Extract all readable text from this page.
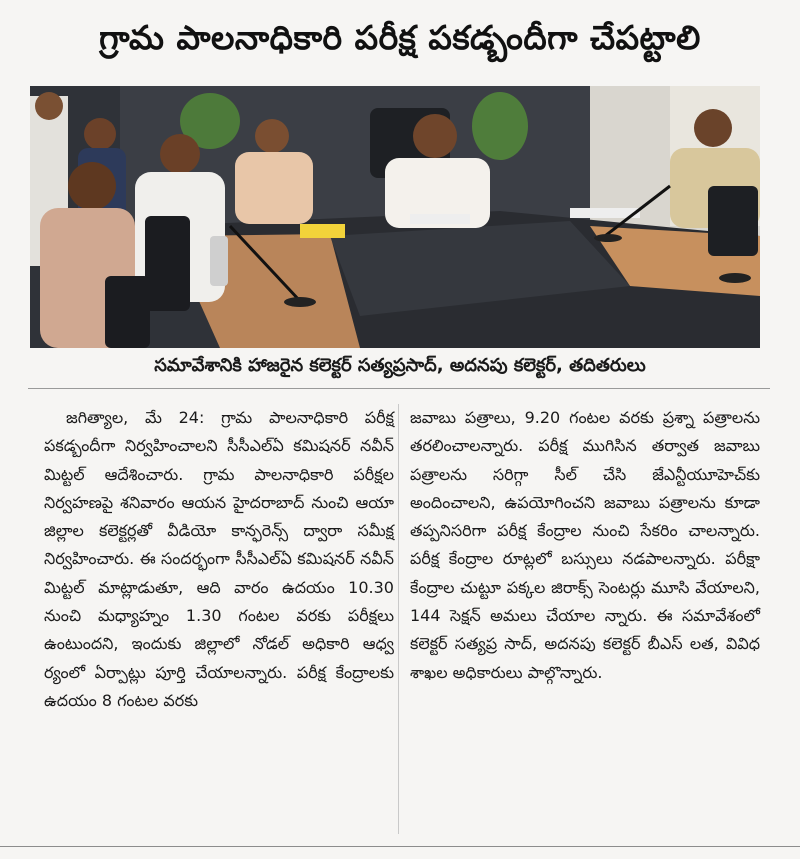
గ్రామ పాలనాధికారి పరీక్ష పకడ్బందీగా చేపట్టాలి
సమావేశానికి హాజరైన కలెక్టర్ సత్యప్రసాద్, అదనపు కలెక్టర్, తదితరులు

జగిత్యాల, మే 24: గ్రామ పాలనాధికారి పరీక్ష పకడ్బందీగా నిర్వహించాలని సీసీఎల్ఏ కమిషనర్ నవీన్ మిట్టల్ ఆదేశించారు. గ్రామ పాలనాధికారి పరీక్షల నిర్వహణపై శనివారం ఆయన హైదరాబాద్ నుంచి ఆయా జిల్లాల కలెక్టర్లతో వీడియో కాన్ఫరెన్స్ ద్వారా సమీక్ష నిర్వహించారు. ఈ సందర్భంగా సీసీఎల్ఏ కమిషనర్ నవీన్ మిట్టల్ మాట్లాడుతూ, ఆది వారం ఉదయం 10.30 నుంచి మధ్యాహ్నం 1.30 గంటల వరకు పరీక్షలు ఉంటుందని, ఇందుకు జిల్లాలో నోడల్ అధికారి ఆధ్వ ర్యంలో ఏర్పాట్లు పూర్తి చేయాలన్నారు. పరీక్ష కేంద్రాలకు ఉదయం 8 గంటల వరకు

జవాబు పత్రాలు, 9.20 గంటల వరకు ప్రశ్నా పత్రాలను తరలించాలన్నారు. పరీక్ష ముగిసిన తర్వాత జవాబు పత్రాలను సరిగ్గా సీల్ చేసి జేఎన్టీయూహెచ్‌కు అందించాలని, ఉపయోగించని జవాబు పత్రాలను కూడా తప్పనిసరిగా పరీక్ష కేంద్రాల నుంచి సేకరిం చాలన్నారు. పరీక్ష కేంద్రాల రూట్లలో బస్సులు నడపాలన్నారు. పరీక్షా కేంద్రాల చుట్టూ పక్కల జిరాక్స్ సెంటర్లు మూసి వేయాలని, 144 సెక్షన్ అమలు చేయాల న్నారు. ఈ సమావేశంలో కలెక్టర్ సత్యప్ర సాద్, అదనపు కలెక్టర్ బీఎస్ లత, వివిధ శాఖల అధికారులు పాల్గొన్నారు.
